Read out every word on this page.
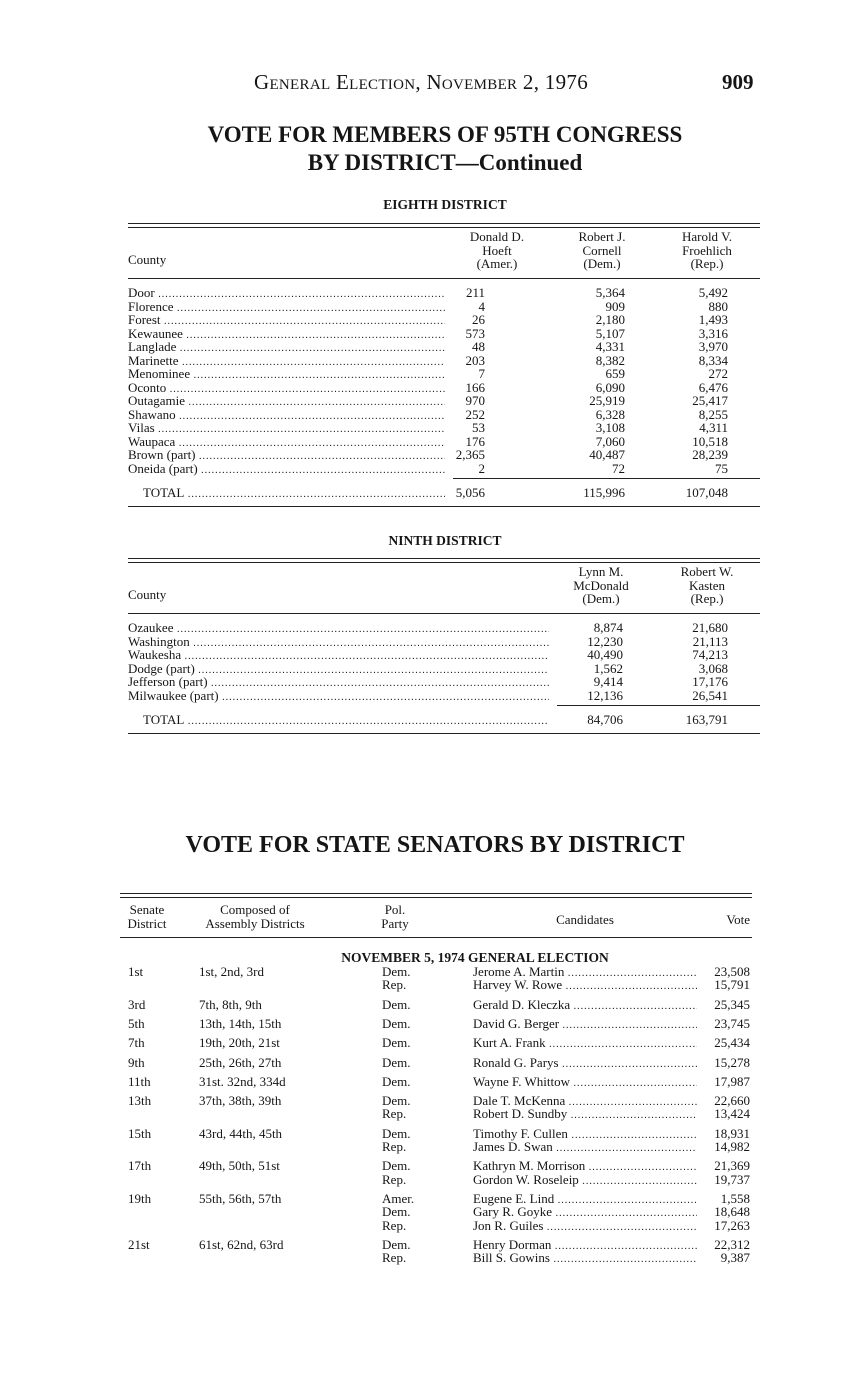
General Election, November 2, 1976	909
VOTE FOR MEMBERS OF 95TH CONGRESS
BY DISTRICT—Continued
EIGHTH DISTRICT
County
Donald D.
Hoeft
(Amer.)
Robert J.
Cornell
(Dem.)
Harold V.
Froehlich
(Rep.)
Door .....	211	5,364	5,492
Florence .....	4	909	880
Forest .....	26	2,180	1,493
Kewaunee .....	573	5,107	3,316
Langlade .....	48	4,331	3,970
Marinette .....	203	8,382	8,334
Menominee .....	7	659	272
Oconto .....	166	6,090	6,476
Outagamie .....	970	25,919	25,417
Shawano .....	252	6,328	8,255
Vilas .....	53	3,108	4,311
Waupaca .....	176	7,060	10,518
Brown (part) .....	2,365	40,487	28,239
Oneida (part) .....	2	72	75
TOTAL .....	5,056	115,996	107,048
NINTH DISTRICT
County
Lynn M.
McDonald
(Dem.)
Robert W.
Kasten
(Rep.)
Ozaukee .....	8,874	21,680
Washington .....	12,230	21,113
Waukesha .....	40,490	74,213
Dodge (part) .....	1,562	3,068
Jefferson (part) .....	9,414	17,176
Milwaukee (part) .....	12,136	26,541
TOTAL .....	84,706	163,791
VOTE FOR STATE SENATORS BY DISTRICT
Senate
District
Composed of
Assembly Districts
Pol.
Party	Candidates	Vote
NOVEMBER 5, 1974 GENERAL ELECTION
1st	1st, 2nd, 3rd	Dem.	Jerome A. Martin .....	23,508
Rep.	Harvey W. Rowe .....	15,791
3rd	7th, 8th, 9th	Dem.	Gerald D. Kleczka .....	25,345
5th	13th, 14th, 15th	Dem.	David G. Berger .....	23,745
7th	19th, 20th, 21st	Dem.	Kurt A. Frank .....	25,434
9th	25th, 26th, 27th	Dem.	Ronald G. Parys .....	15,278
11th	31st. 32nd, 334d	Dem.	Wayne F. Whittow .....	17,987
13th	37th, 38th, 39th	Dem.	Dale T. McKenna .....	22,660
Rep.	Robert D. Sundby .....	13,424
15th	43rd, 44th, 45th	Dem.	Timothy F. Cullen .....	18,931
Rep.	James D. Swan .....	14,982
17th	49th, 50th, 51st	Dem.	Kathryn M. Morrison .....	21,369
Rep.	Gordon W. Roseleip .....	19,737
19th	55th, 56th, 57th	Amer.	Eugene E. Lind .....	1,558
Dem.	Gary R. Goyke .....	18,648
Rep.	Jon R. Guiles .....	17,263
21st	61st, 62nd, 63rd	Dem.	Henry Dorman .....	22,312
Rep.	Bill S. Gowins .....	9,387
